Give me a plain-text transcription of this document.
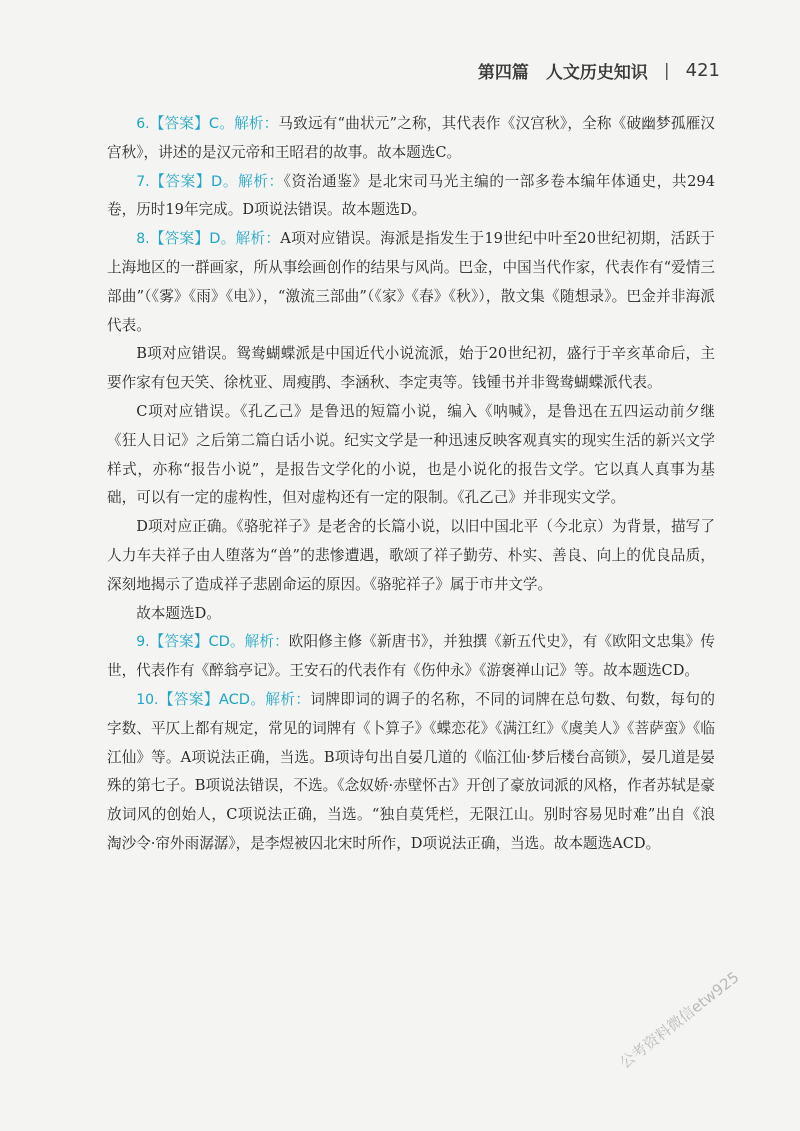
第四篇　人文历史知识 | 421

6.【答案】C。解析：马致远有“曲状元”之称，其代表作《汉宫秋》，全称《破幽梦孤雁汉宫秋》，讲述的是汉元帝和王昭君的故事。故本题选C。

7.【答案】D。解析：《资治通鉴》是北宋司马光主编的一部多卷本编年体通史，共294卷，历时19年完成。D项说法错误。故本题选D。

8.【答案】D。解析：A项对应错误。海派是指发生于19世纪中叶至20世纪初期，活跃于上海地区的一群画家，所从事绘画创作的结果与风尚。巴金，中国当代作家，代表作有“爱情三部曲”（《雾》《雨》《电》），“激流三部曲”（《家》《春》《秋》），散文集《随想录》。巴金并非海派代表。

B项对应错误。鸳鸯蝴蝶派是中国近代小说流派，始于20世纪初，盛行于辛亥革命后，主要作家有包天笑、徐枕亚、周瘦鹃、李涵秋、李定夷等。钱锺书并非鸳鸯蝴蝶派代表。

C项对应错误。《孔乙己》是鲁迅的短篇小说，编入《呐喊》，是鲁迅在五四运动前夕继《狂人日记》之后第二篇白话小说。纪实文学是一种迅速反映客观真实的现实生活的新兴文学样式，亦称“报告小说”，是报告文学化的小说，也是小说化的报告文学。它以真人真事为基础，可以有一定的虚构性，但对虚构还有一定的限制。《孔乙己》并非现实文学。

D项对应正确。《骆驼祥子》是老舍的长篇小说，以旧中国北平（今北京）为背景，描写了人力车夫祥子由人堕落为“兽”的悲惨遭遇，歌颂了祥子勤劳、朴实、善良、向上的优良品质，深刻地揭示了造成祥子悲剧命运的原因。《骆驼祥子》属于市井文学。

故本题选D。

9.【答案】CD。解析：欧阳修主修《新唐书》，并独撰《新五代史》，有《欧阳文忠集》传世，代表作有《醉翁亭记》。王安石的代表作有《伤仲永》《游褒禅山记》等。故本题选CD。

10.【答案】ACD。解析：词牌即词的调子的名称，不同的词牌在总句数、句数，每句的字数、平仄上都有规定，常见的词牌有《卜算子》《蝶恋花》《满江红》《虞美人》《菩萨蛮》《临江仙》等。A项说法正确，当选。B项诗句出自晏几道的《临江仙·梦后楼台高锁》，晏几道是晏殊的第七子。B项说法错误，不选。《念奴娇·赤壁怀古》开创了豪放词派的风格，作者苏轼是豪放词风的创始人，C项说法正确，当选。“独自莫凭栏，无限江山。别时容易见时难”出自《浪淘沙令·帘外雨潺潺》，是李煜被囚北宋时所作，D项说法正确，当选。故本题选ACD。

公考资料微信etw925
